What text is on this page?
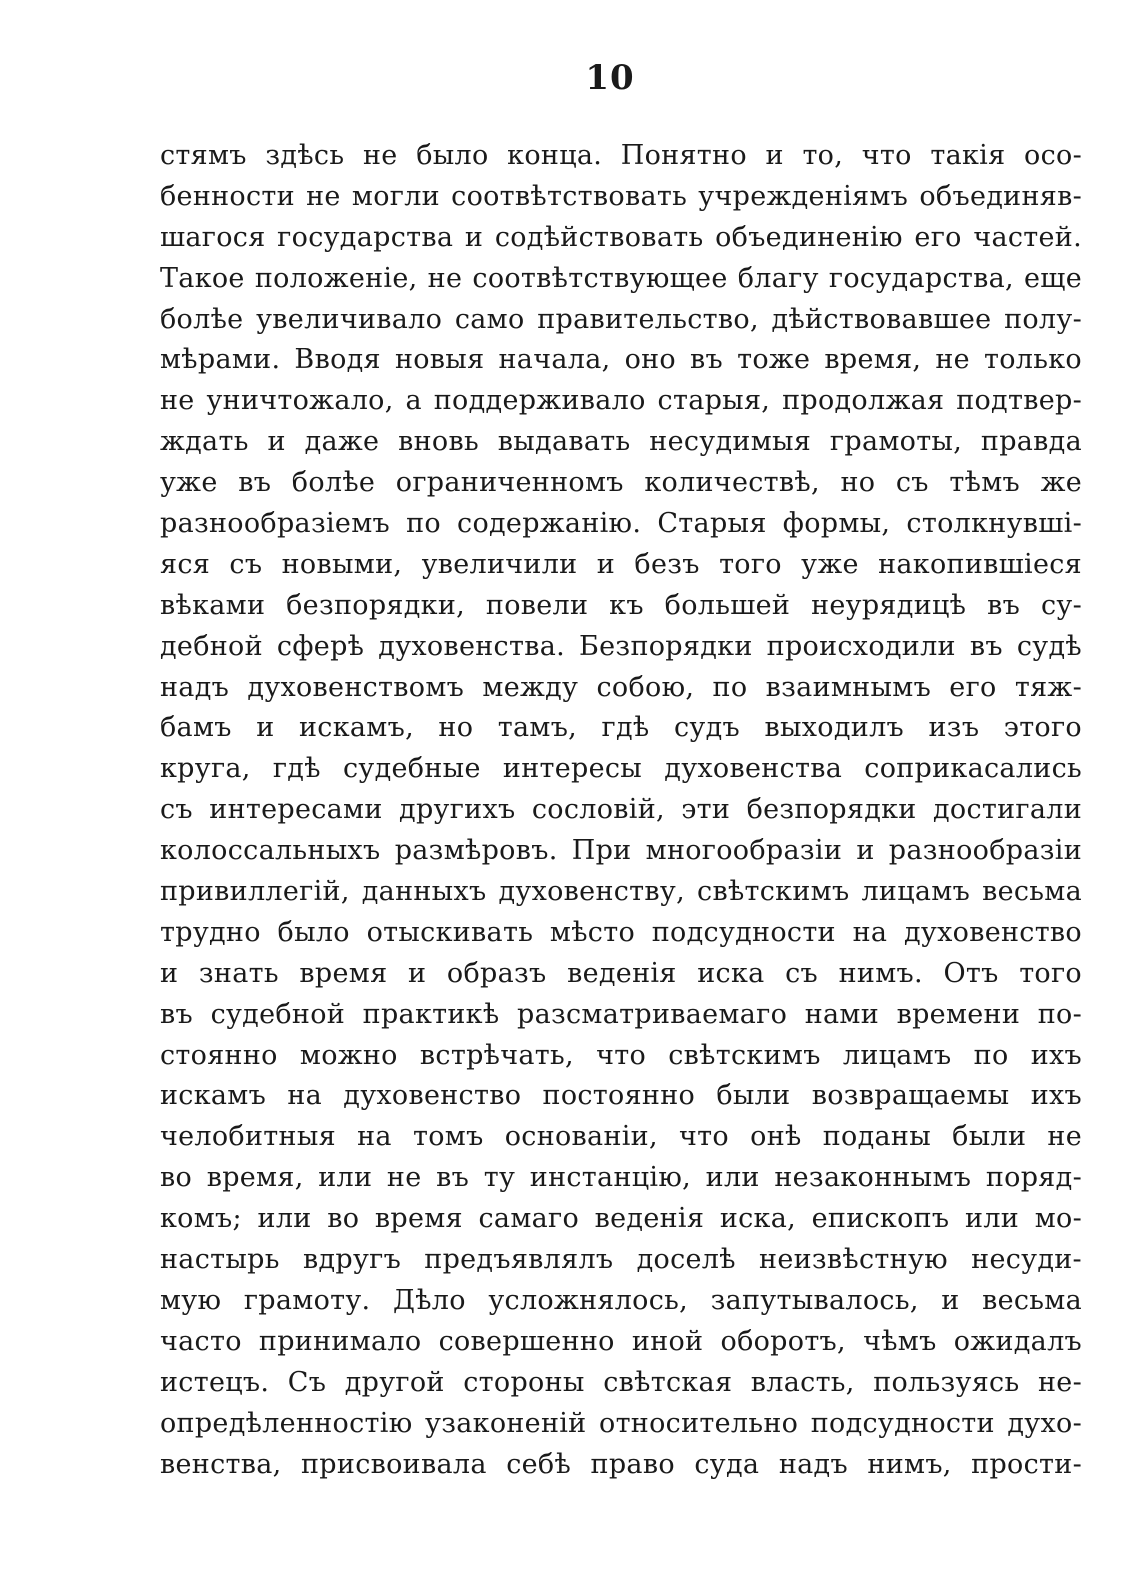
10
стямъ здѣсь не было конца. Понятно и то, что такія осо-
бенности не могли соотвѣтствовать учрежденіямъ объединяв-
шагося государства и содѣйствовать объединенію его частей.
Такое положеніе, не соотвѣтствующее благу государства, еще
болѣе увеличивало само правительство, дѣйствовавшее полу-
мѣрами. Вводя новыя начала, оно въ тоже время, не только
не уничтожало, а поддерживало старыя, продолжая подтвер-
ждать и даже вновь выдавать несудимыя грамоты, правда
уже въ болѣе ограниченномъ количествѣ, но съ тѣмъ же
разнообразіемъ по содержанію. Старыя формы, столкнувші-
яся съ новыми, увеличили и безъ того уже накопившіеся
вѣками безпорядки, повели къ большей неурядицѣ въ су-
дебной сферѣ духовенства. Безпорядки происходили въ судѣ
надъ духовенствомъ между собою, по взаимнымъ его тяж-
бамъ и искамъ, но тамъ, гдѣ судъ выходилъ изъ этого
круга, гдѣ судебные интересы духовенства соприкасались
съ интересами другихъ сословій, эти безпорядки достигали
колоссальныхъ размѣровъ. При многообразіи и разнообразіи
привиллегій, данныхъ духовенству, свѣтскимъ лицамъ весьма
трудно было отыскивать мѣсто подсудности на духовенство
и знать время и образъ веденія иска съ нимъ. Отъ того
въ судебной практикѣ разсматриваемаго нами времени по-
стоянно можно встрѣчать, что свѣтскимъ лицамъ по ихъ
искамъ на духовенство постоянно были возвращаемы ихъ
челобитныя на томъ основаніи, что онѣ поданы были не
во время, или не въ ту инстанцію, или незаконнымъ поряд-
комъ; или во время самаго веденія иска, епископъ или мо-
настырь вдругъ предъявлялъ доселѣ неизвѣстную несуди-
мую грамоту. Дѣло усложнялось, запутывалось, и весьма
часто принимало совершенно иной оборотъ, чѣмъ ожидалъ
истецъ. Съ другой стороны свѣтская власть, пользуясь не-
опредѣленностію узаконеній относительно подсудности духо-
венства, присвоивала себѣ право суда надъ нимъ, прости-
